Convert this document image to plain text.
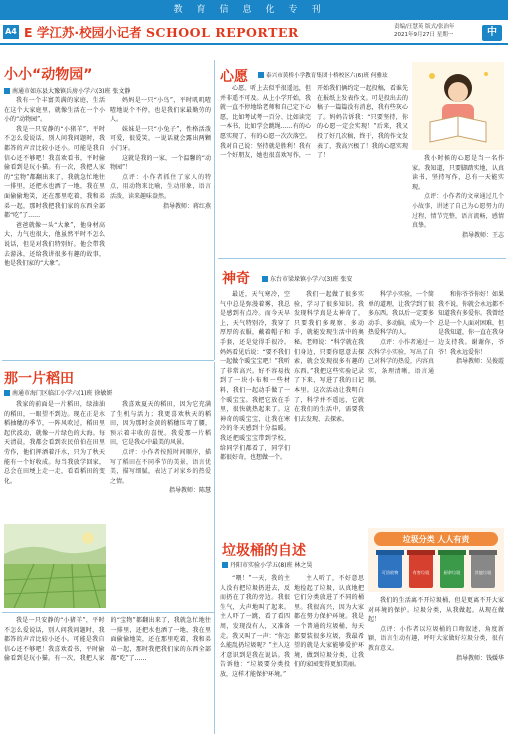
教育信息化专刊
A4 E 学江苏·校园小记者 SCHOOL REPORTER	责编/汪慧英 版式/张治年
2021年9月27日 星期一	中
小小“动物园”
南通市如东县大豫镇兵房小学六(3)班 张文静

我有一个丰富美满的家庭，生活在这个大家庭里，就像生活在一个小小的“动物园”。

我是一只安静的“小猪羊”，平时不怎么爱说话，别人问我问题时，我都答的声音比较小还小。可能是我自信心还不够吧！我喜欢看书，平时偷偷看到是玩小猫。有一次，我把人家的“宝物”都翻出来了，我就急忙地往一排里，还把水也洒了一地，我在里面偷偷地笑，还在那里吃着，我和弟弟一起，那时我把我们家的东西全部都“吃”了……

爸爸就像一头“大象”，他身材高大，力气也很大，他虽然平时不怎么说话，但是对我们特别好。他会带我去游泳，还给我讲很多有趣的故事，他是我们家的“大象”。

妈妈是一只“小鸟”，平时叽叽喳喳地说个不停，也是我们家最勤劳的人。

妹妹是一只“小兔子”，性格活泼可爱，很爱笑，一说话就会露出两颗小门牙。

这就是我的一家，一个温馨的“动物园”！

点评：小作者抓住了家人的特点，用动物来比喻，生动形象，语言活泼，读来趣味盎然。

指导教师：蒋红燕

心愿	泰兴市黄桥小学教育集团十桥校区六(6)班 何雅玹

心愿，听上去似乎很遥远，但并非遥不可及。从上小学开始，我就一直不停地给老师和自己定下心愿，比如考试考一百分、比如读完一本书、比如学会跳绳……有的心愿实现了，有的心愿一次次落空。我对自己说：坚持就是胜利！我有一个好朋友，她也很喜欢写作，一开始我们俩约定一起投稿，看谁先在报纸上发表作文。可是投出去的稿子一篇篇没有消息，我有些灰心了。妈妈告诉我：“只要坚持，你的心愿一定会实现！”后来，我又投了好几次稿，终于，我的作文发表了，我高兴极了！我的心愿实现了！	我小时候的心愿是当一名作家。我知道，只要脚踏实地，认真读书，坚持写作，总有一天能实现。

点评：小作者的文章通过几个小故事，讲述了自己为心愿努力的过程，情节完整，语言流畅，感情真挚。

指导教师：王志

神奇	东台市梁垛镇小学六(3)班 张安

最近，天气寒冷，空气中总是弥漫着雾，我总是感到有点冷。而今天早上，天气特别冷，我穿了厚厚的衣服，戴着帽子和手套，还是觉得手很冷。妈妈看见后说：“要不我们一起做个暖宝宝吧！”我听了非常高兴。好不容易找到了一块小布和一些材料，我们一起动手做了一个暖宝宝。我把它放在手里，很快就热起来了。这神奇的暖宝宝，让我在寒冷的冬天感到十分温暖。我还把暖宝宝带到学校，给同学们都看了，同学们都很好奇，也想做一个。

我们一起做了很多实验，学习了很多知识。我发现科学真是太神奇了，只要我们多观察、多动手，就能发现生活中的奥秘。老师说：“科学就在我们身边，只要你愿意去探索，就会发现很多有趣的东西。”我把这些实验记录了下来，写进了我的日记本里。这次活动让我明白了，科学并不遥远，它就在我们的生活中，需要我们去发现、去探索。

科学小实验，一个简单的道理，让我学到了很多东西。我以后一定要多动手、多动脑，成为一个热爱科学的人。

点评：小作者通过一次科学小实验，写出了自己对科学的热爱，内容真实，条理清晰，语言通顺。

和你爷爷你好！如果我不说，你就会永远都不知道我有多爱你。我曾经总是一个人面对困难，但是我知道，你一直在我身边支持我。谢谢你，爷爷！我永远爱你！

指导教师：吴俊霞

那一片稻田
南通市海门区临江小学六(1)班 徐敏妍

我家的前面是一片稻田，绿油油的稻田，一眼望不到边。现在正是水稻抽穗的季节，一阵风吹过，稻田里起伏波动，就像一片绿色的大海。每天清晨，我都会看到农民伯伯在田里劳作，他们挥洒着汗水，只为了秋天能有一个好收成。每当我放学回家，总会在田埂上走一走，看看稻田的变化。

我喜欢夏天的稻田，因为它充满了生机与活力；我更喜欢秋天的稻田，因为那时金黄的稻穗压弯了腰，预示着丰收的喜悦。我爱那一片稻田，它是我心中最美的风景。

点评：小作者按照时间顺序，描写了稻田在不同季节的美景，语言优美，描写细腻，表达了对家乡的热爱之情。

指导教师：陈慧

垃圾桶的自述
丹阳市实验小学五(8)班 林之昊

“喂！”一天，我的主人没有把垃圾扔进去，反而扔在了我的旁边。我很生气，大声地叫了起来。主人吓了一跳，看了看四周，发现没有人，又准备走。我又叫了一声：“你怎么能乱扔垃圾呢？”主人这才意识到是我在说话。我告诉他：“垃圾要分类投放，这样才能保护环境。”

主人听了，不好意思地捡起了垃圾，认真地把它们分类放进了不同的桶里。我很高兴，因为大家都在努力保护环境。我是一个普通的垃圾桶，每天都要装很多垃圾，我最希望的就是大家能够爱护环境，做到垃圾分类，让我们的家园变得更加美丽。

垃圾分类 人人有责
可回收物	有害垃圾	厨余垃圾	其他垃圾

我们的生活离不开垃圾桶，但是更离不开大家对环境的保护。垃圾分类，从我做起，从现在做起！

点评：小作者以垃圾桶的口吻叙述，角度新颖，语言生动有趣，呼吁大家做好垃圾分类，很有教育意义。

指导教师：钱媛华

我是一只安静的“小猪羊”，平时不怎么爱说话，别人问我问题时，我都答的声音比较小还小。可能是我自信心还不够吧！我喜欢看书，平时偷偷看到是玩小猫。有一次，我把人家的“宝物”都翻出来了，我就急忙地往一排里，还把水也洒了一地，我在里面偷偷地笑，还在那里吃着，我和弟弟一起，那时我把我们家的东西全部都“吃”了……
